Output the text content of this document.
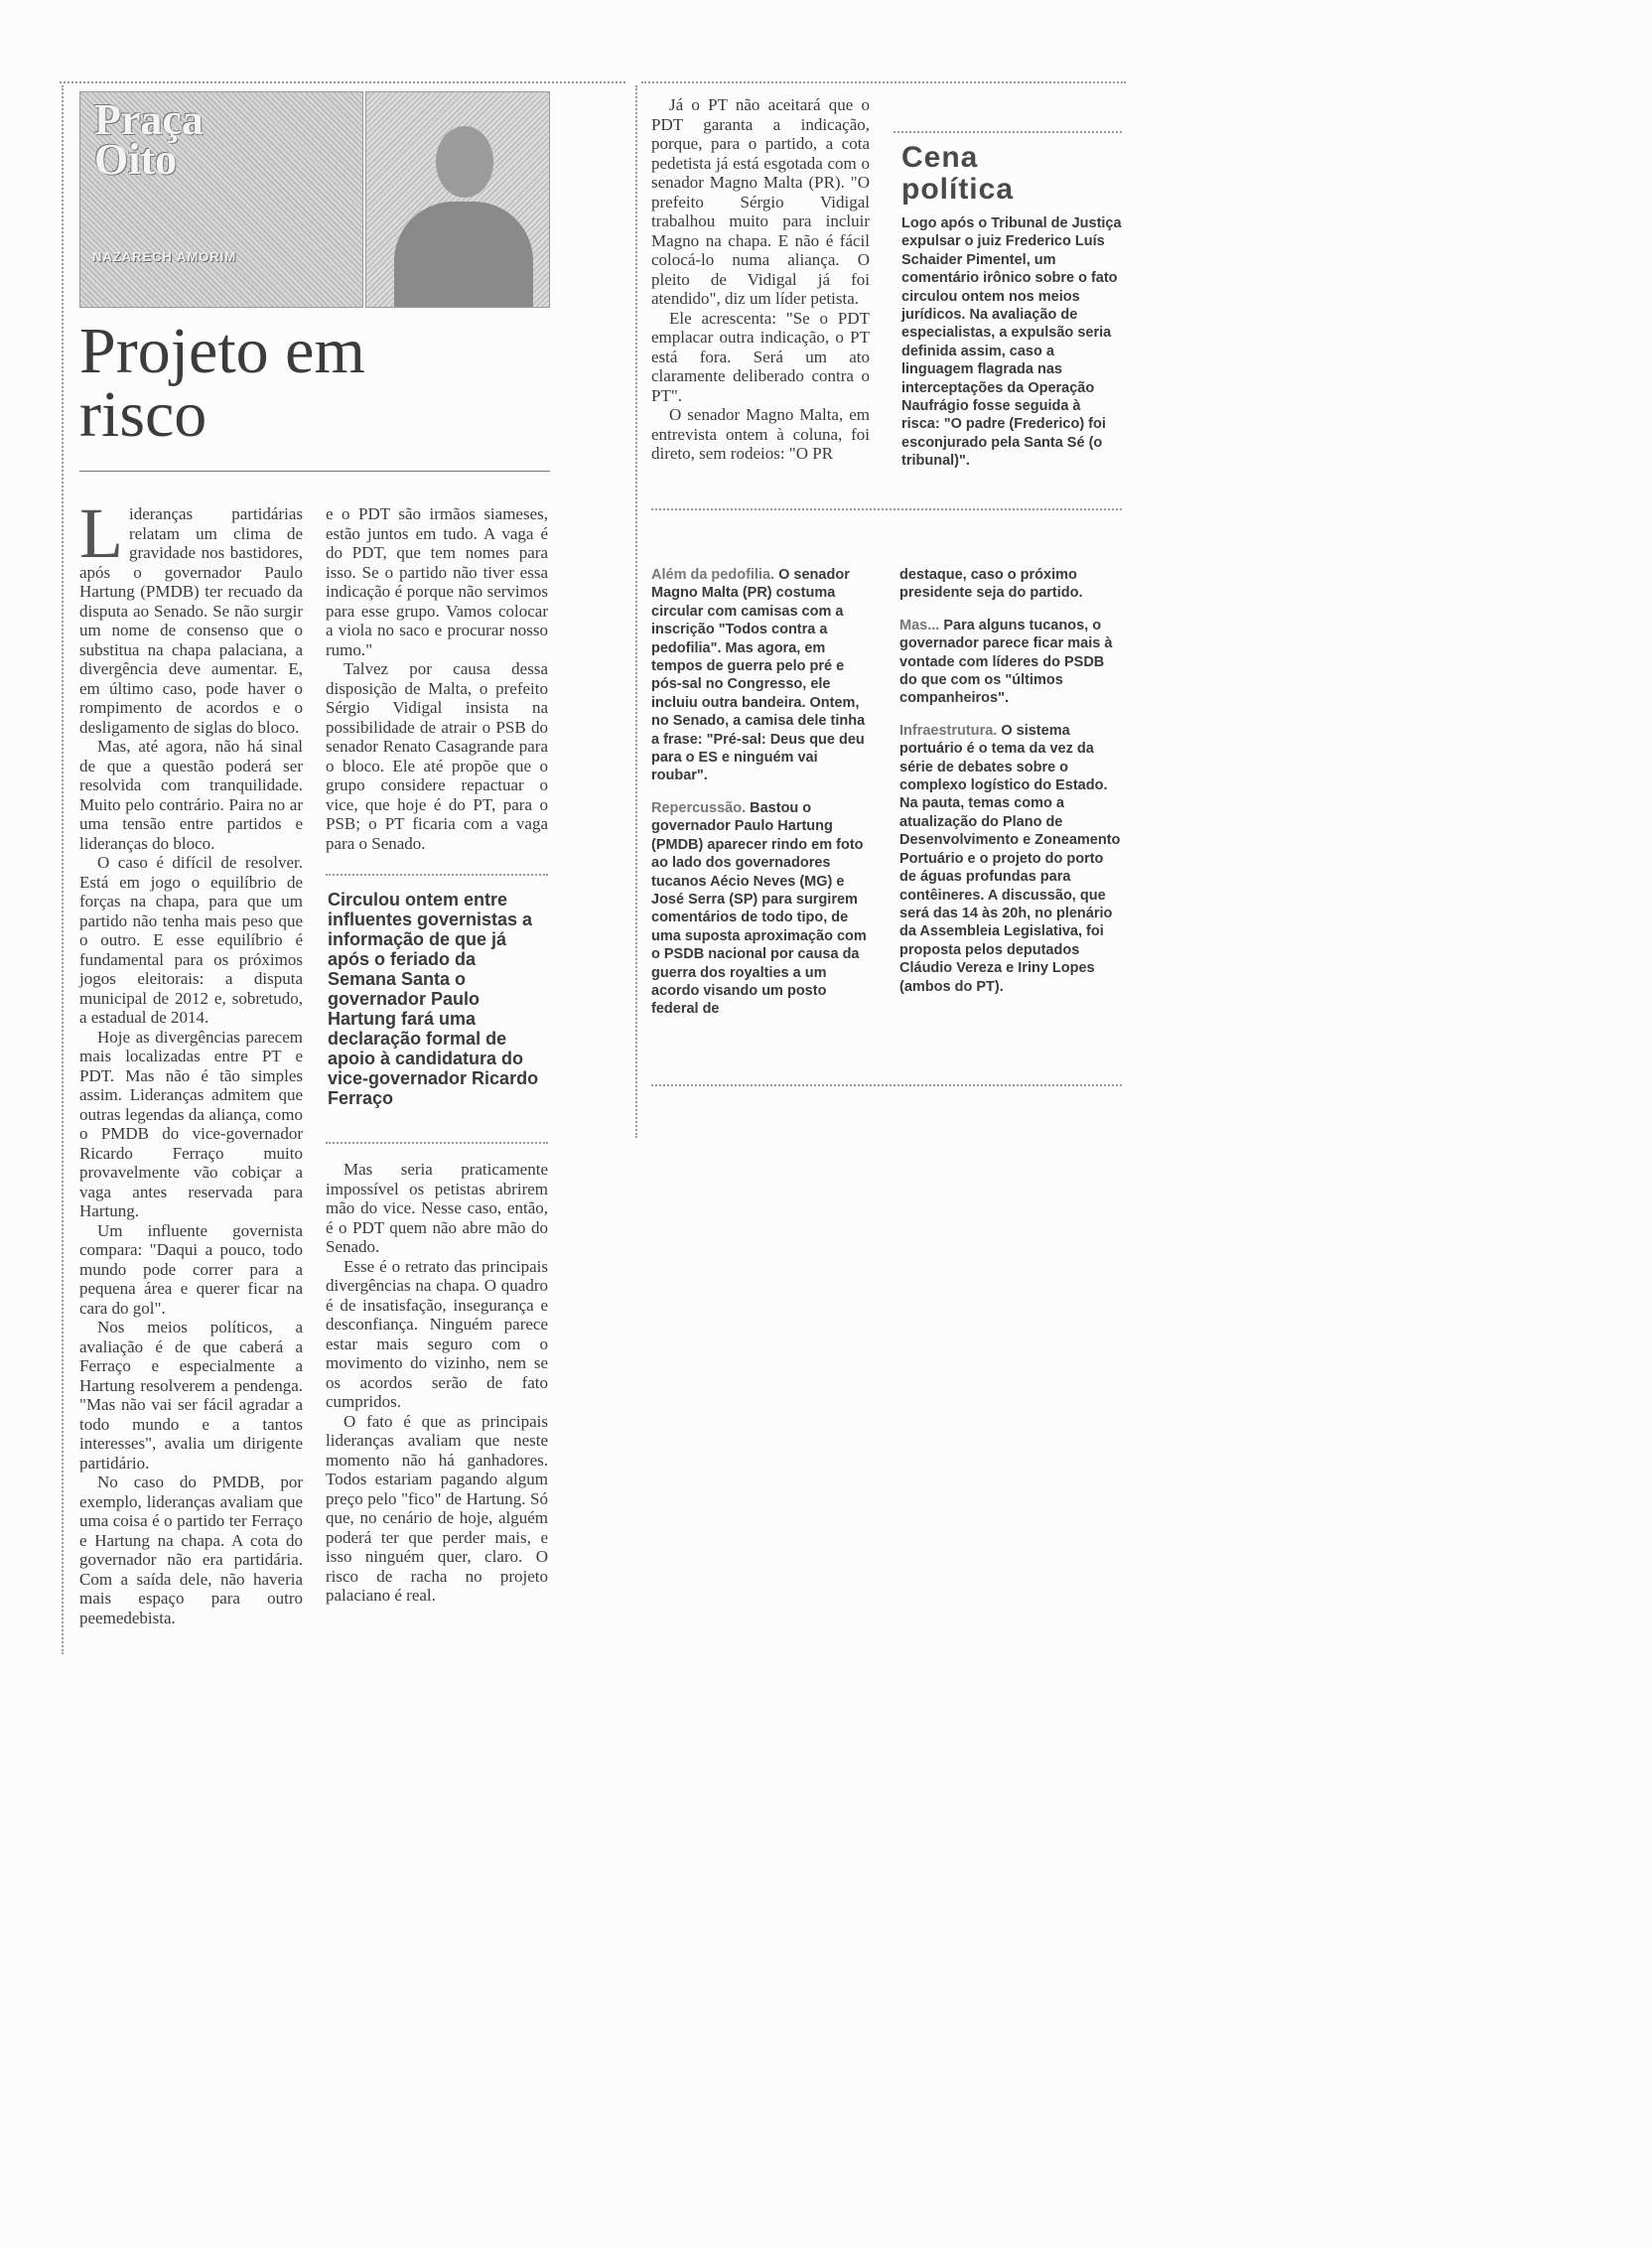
Praça Oito
NAZARECH AMORIM
Projeto em risco

Lideranças partidárias relatam um clima de gravidade nos bastidores, após o governador Paulo Hartung (PMDB) ter recuado da disputa ao Senado. Se não surgir um nome de consenso que o substitua na chapa palaciana, a divergência deve aumentar. E, em último caso, pode haver o rompimento de acordos e o desligamento de siglas do bloco.

Mas, até agora, não há sinal de que a questão poderá ser resolvida com tranquilidade. Muito pelo contrário. Paira no ar uma tensão entre partidos e lideranças do bloco.

O caso é difícil de resolver. Está em jogo o equilíbrio de forças na chapa, para que um partido não tenha mais peso que o outro. E esse equilíbrio é fundamental para os próximos jogos eleitorais: a disputa municipal de 2012 e, sobretudo, a estadual de 2014.

Hoje as divergências parecem mais localizadas entre PT e PDT. Mas não é tão simples assim. Lideranças admitem que outras legendas da aliança, como o PMDB do vice-governador Ricardo Ferraço muito provavelmente vão cobiçar a vaga antes reservada para Hartung.

Um influente governista compara: "Daqui a pouco, todo mundo pode correr para a pequena área e querer ficar na cara do gol".

Nos meios políticos, a avaliação é de que caberá a Ferraço e especialmente a Hartung resolverem a pendenga. "Mas não vai ser fácil agradar a todo mundo e a tantos interesses", avalia um dirigente partidário.

No caso do PMDB, por exemplo, lideranças avaliam que uma coisa é o partido ter Ferraço e Hartung na chapa. A cota do governador não era partidária. Com a saída dele, não haveria mais espaço para outro peemedebista.

e o PDT são irmãos siameses, estão juntos em tudo. A vaga é do PDT, que tem nomes para isso. Se o partido não tiver essa indicação é porque não servimos para esse grupo. Vamos colocar a viola no saco e procurar nosso rumo."

Talvez por causa dessa disposição de Malta, o prefeito Sérgio Vidigal insista na possibilidade de atrair o PSB do senador Renato Casagrande para o bloco. Ele até propõe que o grupo considere repactuar o vice, que hoje é do PT, para o PSB; o PT ficaria com a vaga para o Senado.

Circulou ontem entre influentes governistas a informação de que já após o feriado da Semana Santa o governador Paulo Hartung fará uma declaração formal de apoio à candidatura do vice-governador Ricardo Ferraço

Mas seria praticamente impossível os petistas abrirem mão do vice. Nesse caso, então, é o PDT quem não abre mão do Senado.

Esse é o retrato das principais divergências na chapa. O quadro é de insatisfação, insegurança e desconfiança. Ninguém parece estar mais seguro com o movimento do vizinho, nem se os acordos serão de fato cumpridos.

O fato é que as principais lideranças avaliam que neste momento não há ganhadores. Todos estariam pagando algum preço pelo "fico" de Hartung. Só que, no cenário de hoje, alguém poderá ter que perder mais, e isso ninguém quer, claro. O risco de racha no projeto palaciano é real.

Já o PT não aceitará que o PDT garanta a indicação, porque, para o partido, a cota pedetista já está esgotada com o senador Magno Malta (PR). "O prefeito Sérgio Vidigal trabalhou muito para incluir Magno na chapa. E não é fácil colocá-lo numa aliança. O pleito de Vidigal já foi atendido", diz um líder petista.

Ele acrescenta: "Se o PDT emplacar outra indicação, o PT está fora. Será um ato claramente deliberado contra o PT".

O senador Magno Malta, em entrevista ontem à coluna, foi direto, sem rodeios: "O PR

Cena política

Logo após o Tribunal de Justiça expulsar o juiz Frederico Luís Schaider Pimentel, um comentário irônico sobre o fato circulou ontem nos meios jurídicos. Na avaliação de especialistas, a expulsão seria definida assim, caso a linguagem flagrada nas interceptações da Operação Naufrágio fosse seguida à risca: "O padre (Frederico) foi esconjurado pela Santa Sé (o tribunal)".

Além da pedofilia. O senador Magno Malta (PR) costuma circular com camisas com a inscrição "Todos contra a pedofilia". Mas agora, em tempos de guerra pelo pré e pós-sal no Congresso, ele incluiu outra bandeira. Ontem, no Senado, a camisa dele tinha a frase: "Pré-sal: Deus que deu para o ES e ninguém vai roubar".

Repercussão. Bastou o governador Paulo Hartung (PMDB) aparecer rindo em foto ao lado dos governadores tucanos Aécio Neves (MG) e José Serra (SP) para surgirem comentários de todo tipo, de uma suposta aproximação com o PSDB nacional por causa da guerra dos royalties a um acordo visando um posto federal de

destaque, caso o próximo presidente seja do partido.

Mas... Para alguns tucanos, o governador parece ficar mais à vontade com líderes do PSDB do que com os "últimos companheiros".

Infraestrutura. O sistema portuário é o tema da vez da série de debates sobre o complexo logístico do Estado. Na pauta, temas como a atualização do Plano de Desenvolvimento e Zoneamento Portuário e o projeto do porto de águas profundas para contêineres. A discussão, que será das 14 às 20h, no plenário da Assembleia Legislativa, foi proposta pelos deputados Cláudio Vereza e Iriny Lopes (ambos do PT).
